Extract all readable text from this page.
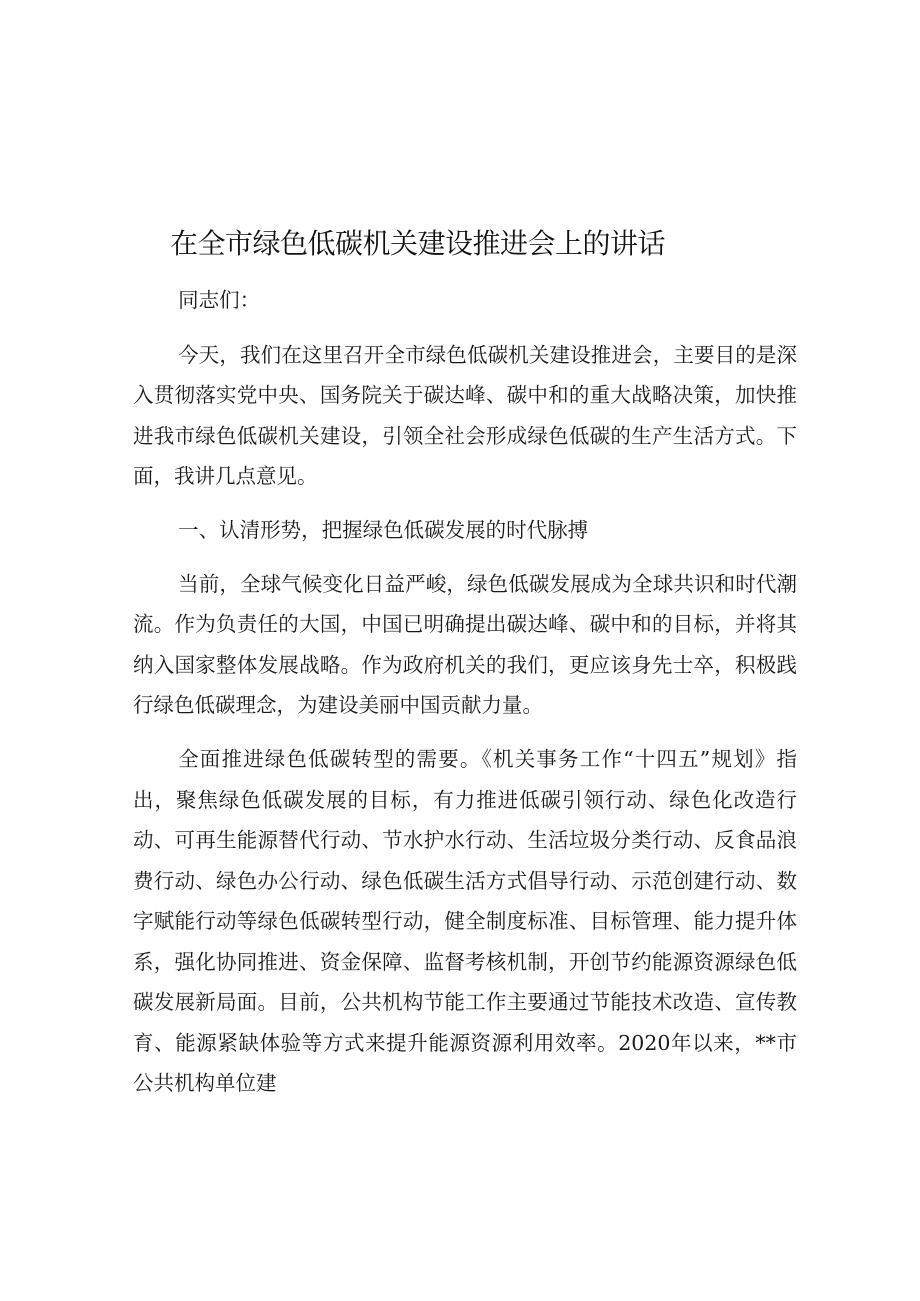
在全市绿色低碳机关建设推进会上的讲话

同志们：

今天，我们在这里召开全市绿色低碳机关建设推进会，主要目的是深入贯彻落实党中央、国务院关于碳达峰、碳中和的重大战略决策，加快推进我市绿色低碳机关建设，引领全社会形成绿色低碳的生产生活方式。下面，我讲几点意见。

一、认清形势，把握绿色低碳发展的时代脉搏

当前，全球气候变化日益严峻，绿色低碳发展成为全球共识和时代潮流。作为负责任的大国，中国已明确提出碳达峰、碳中和的目标，并将其纳入国家整体发展战略。作为政府机关的我们，更应该身先士卒，积极践行绿色低碳理念，为建设美丽中国贡献力量。

全面推进绿色低碳转型的需要。《机关事务工作“十四五”规划》指出，聚焦绿色低碳发展的目标，有力推进低碳引领行动、绿色化改造行动、可再生能源替代行动、节水护水行动、生活垃圾分类行动、反食品浪费行动、绿色办公行动、绿色低碳生活方式倡导行动、示范创建行动、数字赋能行动等绿色低碳转型行动，健全制度标准、目标管理、能力提升体系，强化协同推进、资金保障、监督考核机制，开创节约能源资源绿色低碳发展新局面。目前，公共机构节能工作主要通过节能技术改造、宣传教育、能源紧缺体验等方式来提升能源资源利用效率。2020年以来，**市公共机构单位建
